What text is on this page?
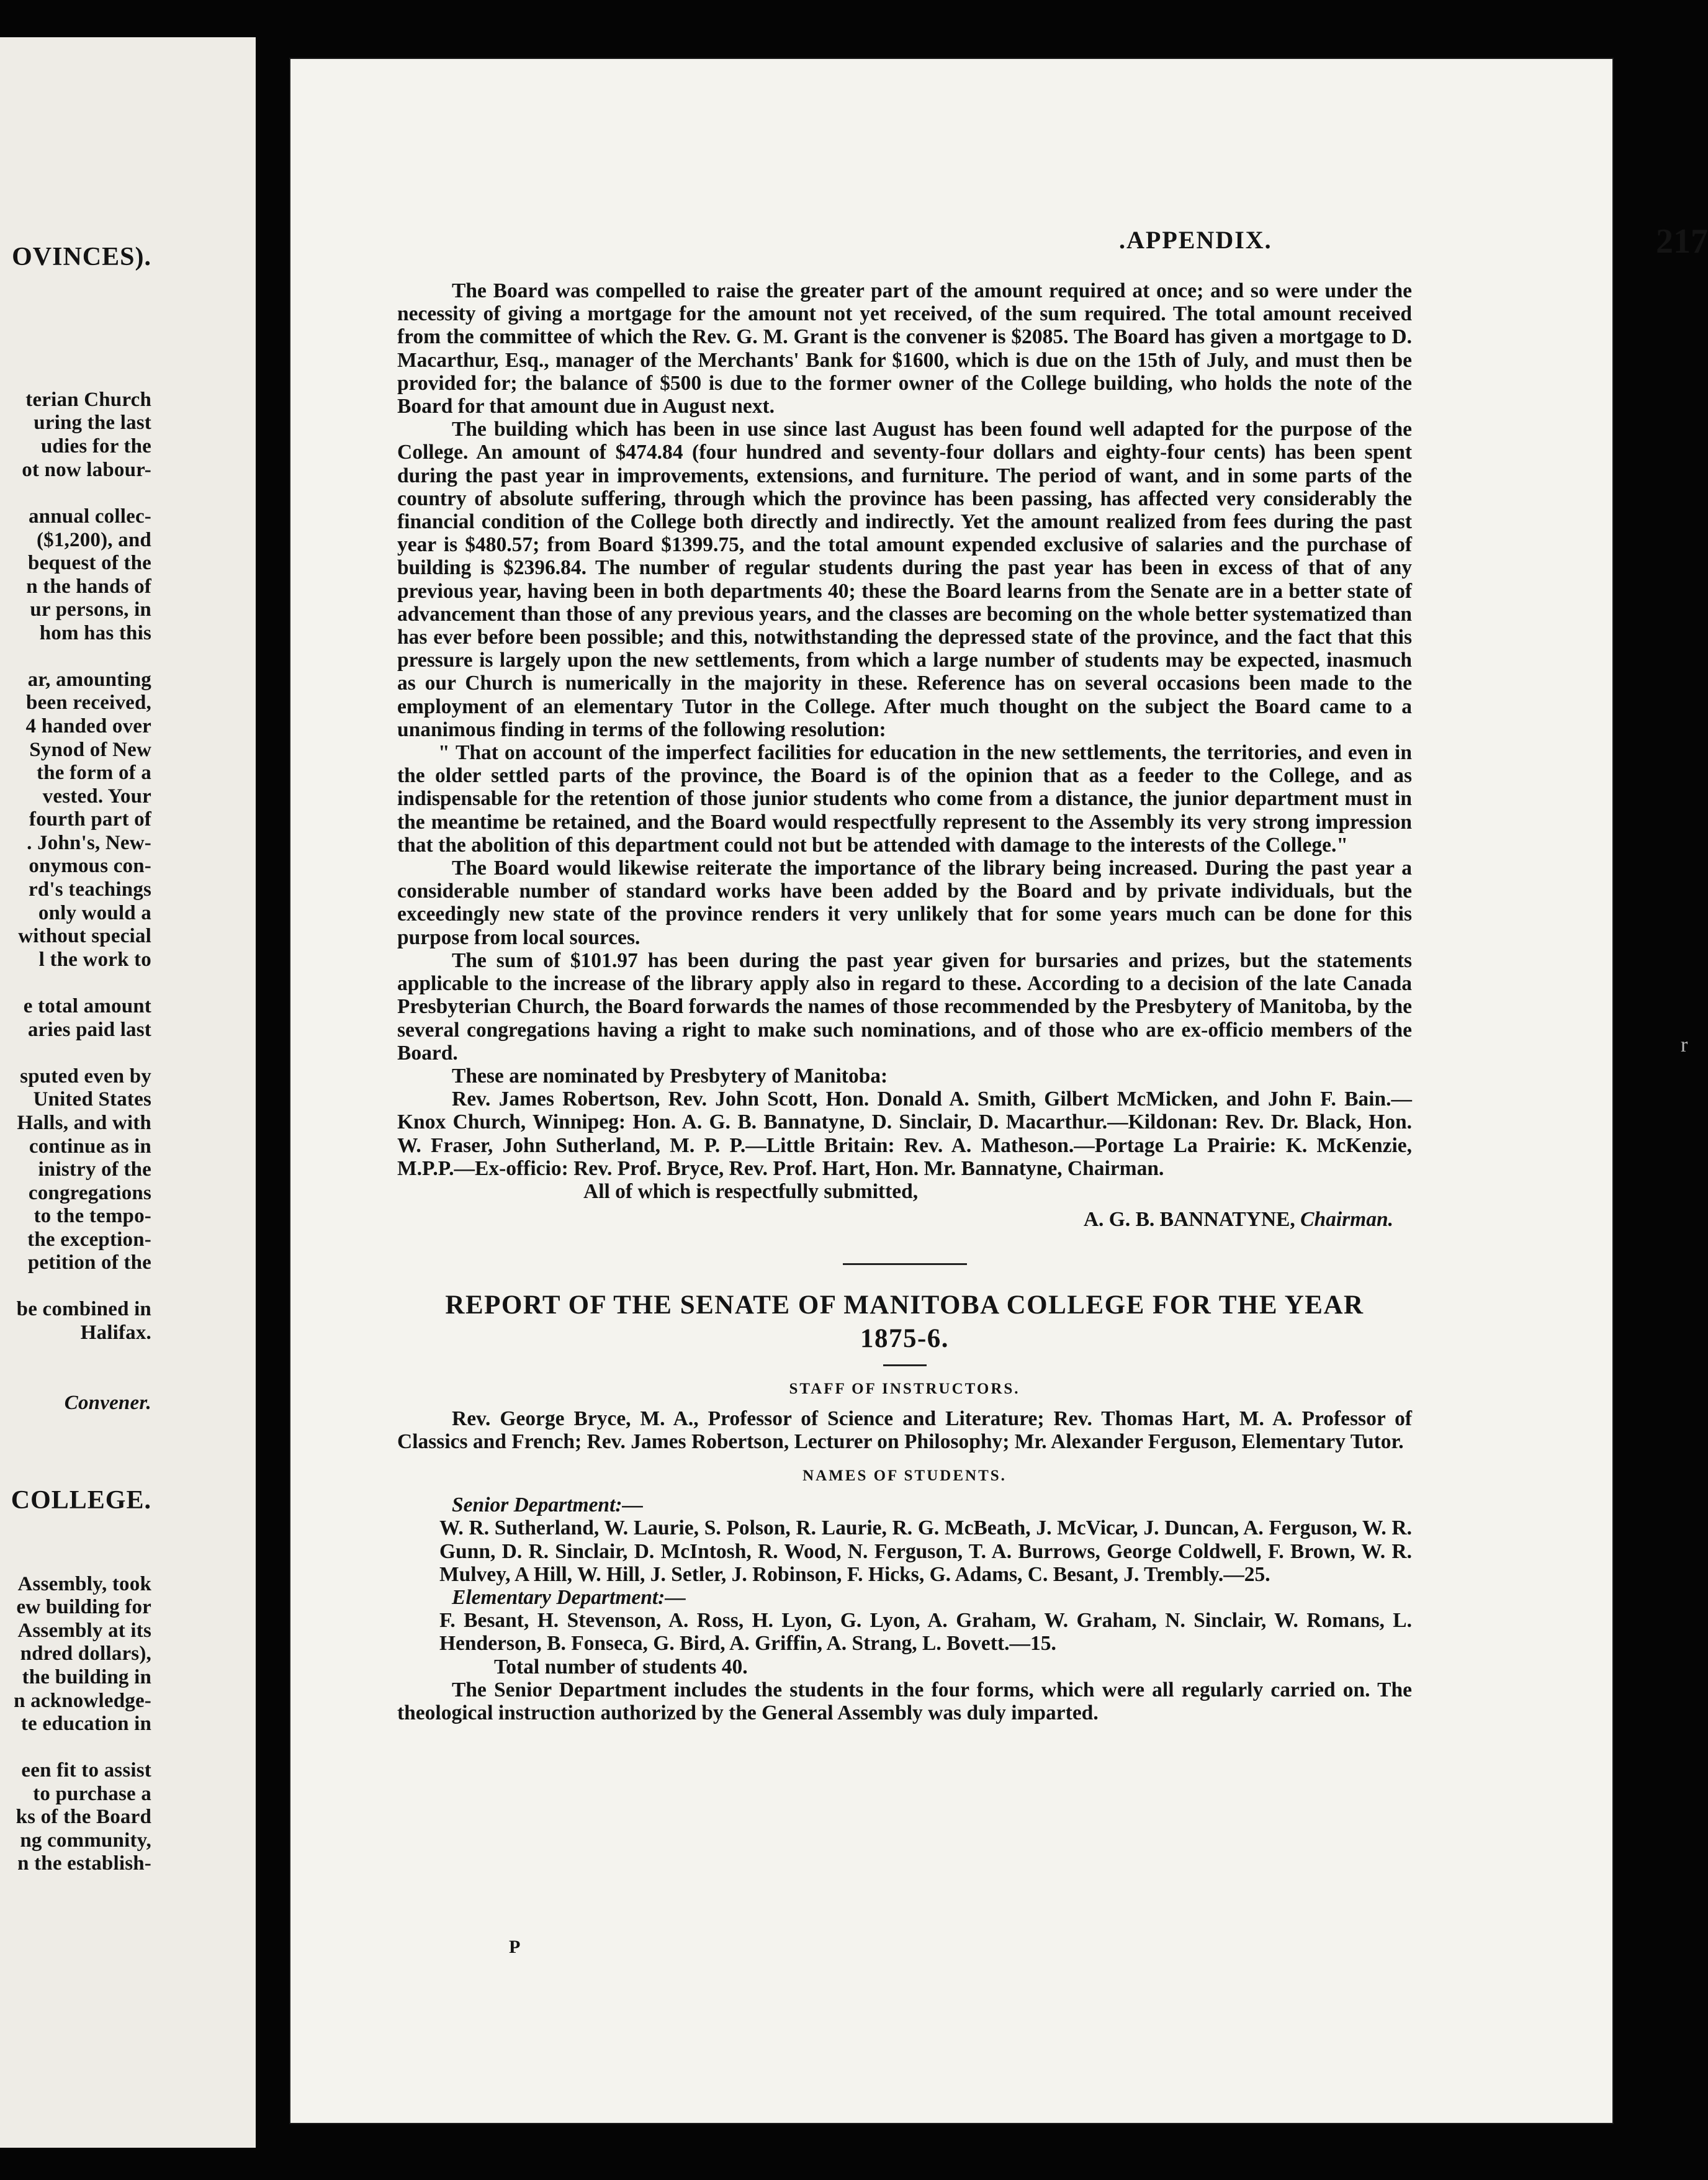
OVINCES).
terian Church
uring the last
udies for the
ot now labour-
annual collec-
($1,200), and
bequest of the
n the hands of
ur persons, in
hom has this
ar, amounting
been received,
4 handed over
Synod of New
the form of a
vested. Your
fourth part of
. John's, New-
onymous con-
rd's teachings
only would a
without special
l the work to
e total amount
aries paid last
sputed even by
United States
Halls, and with
continue as in
inistry of the
congregations
to the tempo-
the exception-
petition of the
be combined in
Halifax.
Convener.
COLLEGE.
Assembly, took
ew building for
Assembly at its
ndred dollars),
the building in
n acknowledge-
te education in
een fit to assist
to purchase a
ks of the Board
ng community,
n the establish-
.APPENDIX.	217

The Board was compelled to raise the greater part of the amount required at once; and so were under the necessity of giving a mortgage for the amount not yet received, of the sum required. The total amount received from the committee of which the Rev. G. M. Grant is the convener is $2085. The Board has given a mortgage to D. Macarthur, Esq., manager of the Merchants' Bank for $1600, which is due on the 15th of July, and must then be provided for; the balance of $500 is due to the former owner of the College building, who holds the note of the Board for that amount due in August next.

The building which has been in use since last August has been found well adapted for the purpose of the College. An amount of $474.84 (four hundred and seventy-four dollars and eighty-four cents) has been spent during the past year in improvements, extensions, and furniture. The period of want, and in some parts of the country of absolute suffering, through which the province has been passing, has affected very considerably the financial condition of the College both directly and indirectly. Yet the amount realized from fees during the past year is $480.57; from Board $1399.75, and the total amount expended exclusive of salaries and the purchase of building is $2396.84. The number of regular students during the past year has been in excess of that of any previous year, having been in both departments 40; these the Board learns from the Senate are in a better state of advancement than those of any previous years, and the classes are becoming on the whole better systematized than has ever before been possible; and this, notwithstanding the depressed state of the province, and the fact that this pressure is largely upon the new settlements, from which a large number of students may be expected, inasmuch as our Church is numerically in the majority in these. Reference has on several occasions been made to the employment of an elementary Tutor in the College. After much thought on the subject the Board came to a unanimous finding in terms of the following resolution:

" That on account of the imperfect facilities for education in the new settlements, the territories, and even in the older settled parts of the province, the Board is of the opinion that as a feeder to the College, and as indispensable for the retention of those junior students who come from a distance, the junior department must in the meantime be retained, and the Board would respectfully represent to the Assembly its very strong impression that the abolition of this department could not but be attended with damage to the interests of the College."

The Board would likewise reiterate the importance of the library being increased. During the past year a considerable number of standard works have been added by the Board and by private individuals, but the exceedingly new state of the province renders it very unlikely that for some years much can be done for this purpose from local sources.

The sum of $101.97 has been during the past year given for bursaries and prizes, but the statements applicable to the increase of the library apply also in regard to these. According to a decision of the late Canada Presbyterian Church, the Board forwards the names of those recommended by the Presbytery of Manitoba, by the several congregations having a right to make such nominations, and of those who are ex-officio members of the Board.

These are nominated by Presbytery of Manitoba:

Rev. James Robertson, Rev. John Scott, Hon. Donald A. Smith, Gilbert McMicken, and John F. Bain.—Knox Church, Winnipeg: Hon. A. G. B. Bannatyne, D. Sinclair, D. Macarthur.—Kildonan: Rev. Dr. Black, Hon. W. Fraser, John Sutherland, M. P. P.—Little Britain: Rev. A. Matheson.—Portage La Prairie: K. McKenzie, M.P.P.—Ex-officio: Rev. Prof. Bryce, Rev. Prof. Hart, Hon. Mr. Bannatyne, Chairman.

All of which is respectfully submitted,

A. G. B. BANNATYNE, Chairman.

REPORT OF THE SENATE OF MANITOBA COLLEGE FOR THE YEAR
1875-6.
STAFF OF INSTRUCTORS.

Rev. George Bryce, M. A., Professor of Science and Literature; Rev. Thomas Hart, M. A. Professor of Classics and French; Rev. James Robertson, Lecturer on Philosophy; Mr. Alexander Ferguson, Elementary Tutor.

NAMES OF STUDENTS.

Senior Department:—

W. R. Sutherland, W. Laurie, S. Polson, R. Laurie, R. G. McBeath, J. McVicar, J. Duncan, A. Ferguson, W. R. Gunn, D. R. Sinclair, D. McIntosh, R. Wood, N. Ferguson, T. A. Burrows, George Coldwell, F. Brown, W. R. Mulvey, A Hill, W. Hill, J. Setler, J. Robinson, F. Hicks, G. Adams, C. Besant, J. Trembly.—25.

Elementary Department:—

F. Besant, H. Stevenson, A. Ross, H. Lyon, G. Lyon, A. Graham, W. Graham, N. Sinclair, W. Romans, L. Henderson, B. Fonseca, G. Bird, A. Griffin, A. Strang, L. Bovett.—15.

Total number of students 40.

The Senior Department includes the students in the four forms, which were all regularly carried on. The theological instruction authorized by the General Assembly was duly imparted.

P
r
